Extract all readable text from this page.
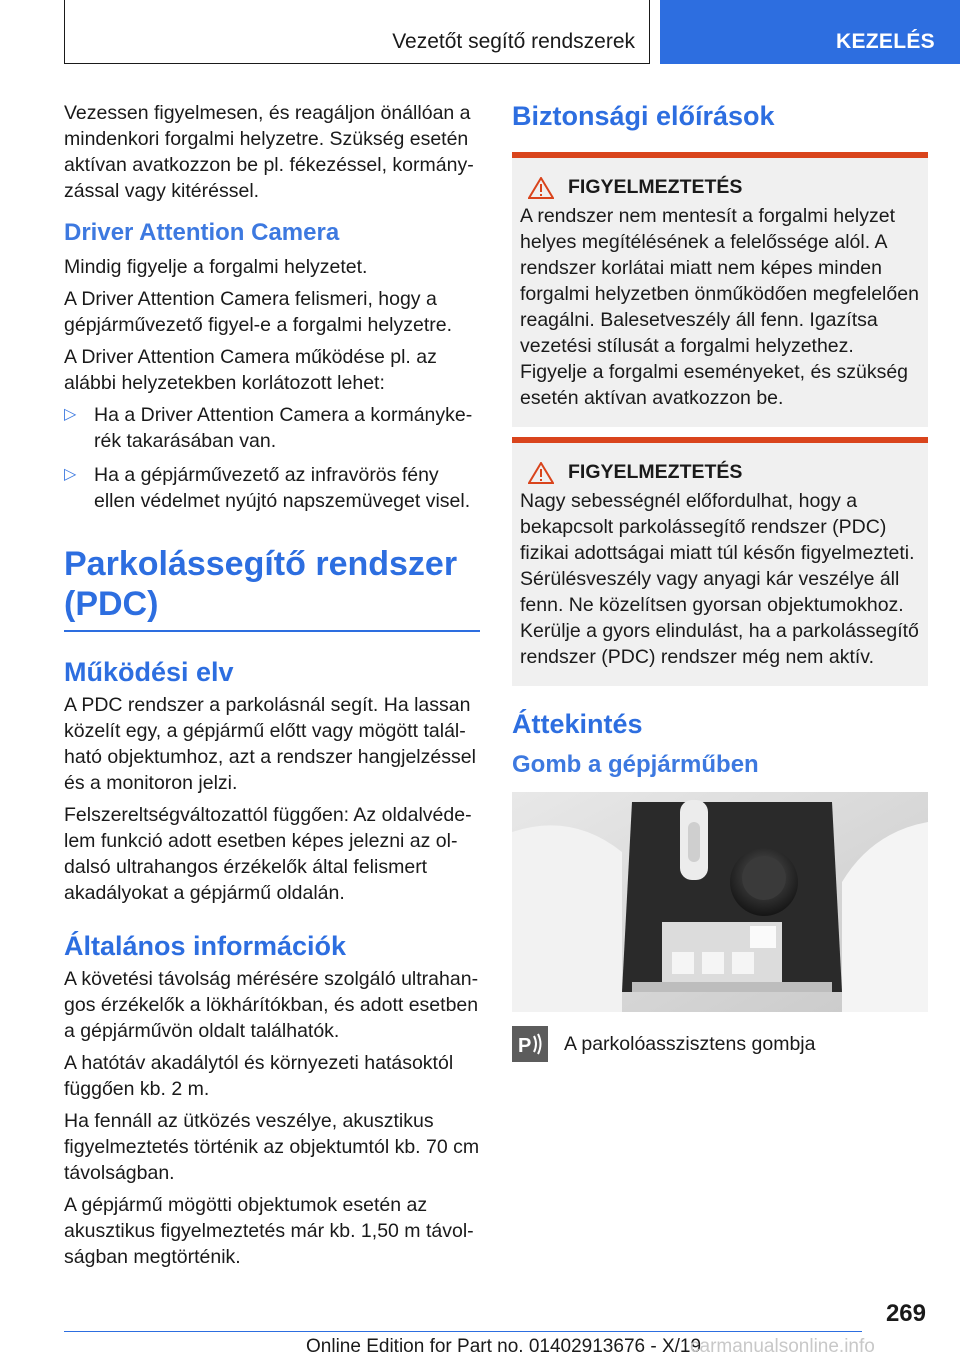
Vezetőt segítő rendszerek	KEZELÉS

Vezessen figyelmesen, és reagáljon önállóan a mindenkori forgalmi helyzetre. Szükség esetén aktívan avatkozzon be pl. fékezéssel, kormányzással vagy kitéréssel.

Driver Attention Camera

Mindig figyelje a forgalmi helyzetet.

A Driver Attention Camera felismeri, hogy a gépjárművezető figyel-e a forgalmi helyzetre.

A Driver Attention Camera működése pl. az alábbi helyzetekben korlátozott lehet:

▷ Ha a Driver Attention Camera a kormánykerék takarásában van.
▷ Ha a gépjárművezető az infravörös fény ellen védelmet nyújtó napszemüveget visel.
Parkolássegítő rendszer (PDC)
Működési elv

A PDC rendszer a parkolásnál segít. Ha lassan közelít egy, a gépjármű előtt vagy mögött található objektumhoz, azt a rendszer hangjelzéssel és a monitoron jelzi.

Felszereltségváltozattól függően: Az oldalvédelem funkció adott esetben képes jelezni az oldalsó ultrahangos érzékelők által felismert akadályokat a gépjármű oldalán.

Általános információk

A követési távolság mérésére szolgáló ultrahangos érzékelők a lökhárítókban, és adott esetben a gépjárművön oldalt találhatók.

A hatótáv akadálytól és környezeti hatásoktól függően kb. 2 m.

Ha fennáll az ütközés veszélye, akusztikus figyelmeztetés történik az objektumtól kb. 70 cm távolságban.

A gépjármű mögötti objektumok esetén az akusztikus figyelmeztetés már kb. 1,50 m távolságban megtörténik.

Biztonsági előírások
FIGYELMEZTETÉS

A rendszer nem mentesít a forgalmi helyzet helyes megítélésének a felelőssége alól. A rendszer korlátai miatt nem képes minden forgalmi helyzetben önműködően megfelelően reagálni. Balesetveszély áll fenn. Igazítsa vezetési stílusát a forgalmi helyzethez. Figyelje a forgalmi eseményeket, és szükség esetén aktívan avatkozzon be.

FIGYELMEZTETÉS

Nagy sebességnél előfordulhat, hogy a bekapcsolt parkolássegítő rendszer (PDC) fizikai adottságai miatt túl későn figyelmezteti. Sérülésveszély vagy anyagi kár veszélye áll fenn. Ne közelítsen gyorsan objektumokhoz. Kerülje a gyors elindulást, ha a parkolássegítő rendszer (PDC) rendszer még nem aktív.

Áttekintés
Gomb a gépjárműben
P A parkolóasszisztens gombja

269
Online Edition for Part no. 01402913676 - X/19
carmanualsonline.info
